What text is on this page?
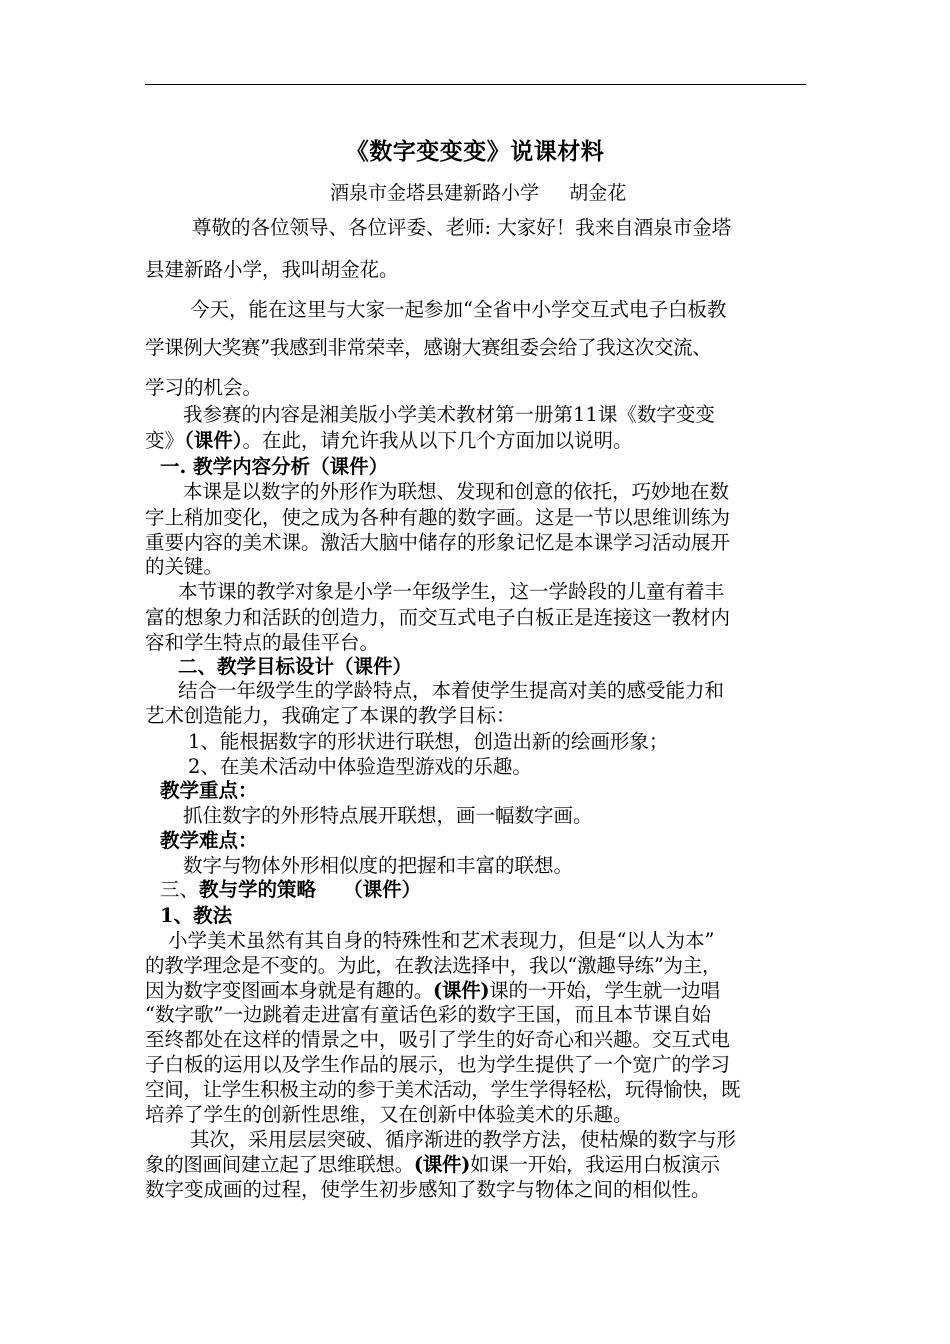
《数字变变变》说课材料
酒泉市金塔县建新路小学     胡金花
尊敬的各位领导、各位评委、老师: 大家好！我来自酒泉市金塔
县建新路小学，我叫胡金花。
今天，能在这里与大家一起参加“全省中小学交互式电子白板教
学课例大奖赛”我感到非常荣幸，感谢大赛组委会给了我这次交流、
学习的机会。
我参赛的内容是湘美版小学美术教材第一册第11课《数字变变
变》（课件）。在此，请允许我从以下几个方面加以说明。
一. 教学内容分析（课件）
本课是以数字的外形作为联想、发现和创意的依托，巧妙地在数
字上稍加变化，使之成为各种有趣的数字画。这是一节以思维训练为
重要内容的美术课。激活大脑中储存的形象记忆是本课学习活动展开
的关键。
本节课的教学对象是小学一年级学生，这一学龄段的儿童有着丰
富的想象力和活跃的创造力，而交互式电子白板正是连接这一教材内
容和学生特点的最佳平台。
二、教学目标设计（课件）
结合一年级学生的学龄特点，本着使学生提高对美的感受能力和
艺术创造能力，我确定了本课的教学目标：
1、能根据数字的形状进行联想，创造出新的绘画形象；
2、在美术活动中体验造型游戏的乐趣。
教学重点：
抓住数字的外形特点展开联想，画一幅数字画。
教学难点：
数字与物体外形相似度的把握和丰富的联想。
三、教与学的策略    （课件）
1、教法
小学美术虽然有其自身的特殊性和艺术表现力，但是“以人为本”
的教学理念是不变的。为此，在教法选择中，我以“激趣导练”为主，
因为数字变图画本身就是有趣的。(课件)课的一开始，学生就一边唱
“数字歌”一边跳着走进富有童话色彩的数字王国，而且本节课自始
至终都处在这样的情景之中，吸引了学生的好奇心和兴趣。交互式电
子白板的运用以及学生作品的展示，也为学生提供了一个宽广的学习
空间，让学生积极主动的参于美术活动，学生学得轻松，玩得愉快，既
培养了学生的创新性思维，又在创新中体验美术的乐趣。
其次，采用层层突破、循序渐进的教学方法，使枯燥的数字与形
象的图画间建立起了思维联想。(课件)如课一开始，我运用白板演示
数字变成画的过程，使学生初步感知了数字与物体之间的相似性。
